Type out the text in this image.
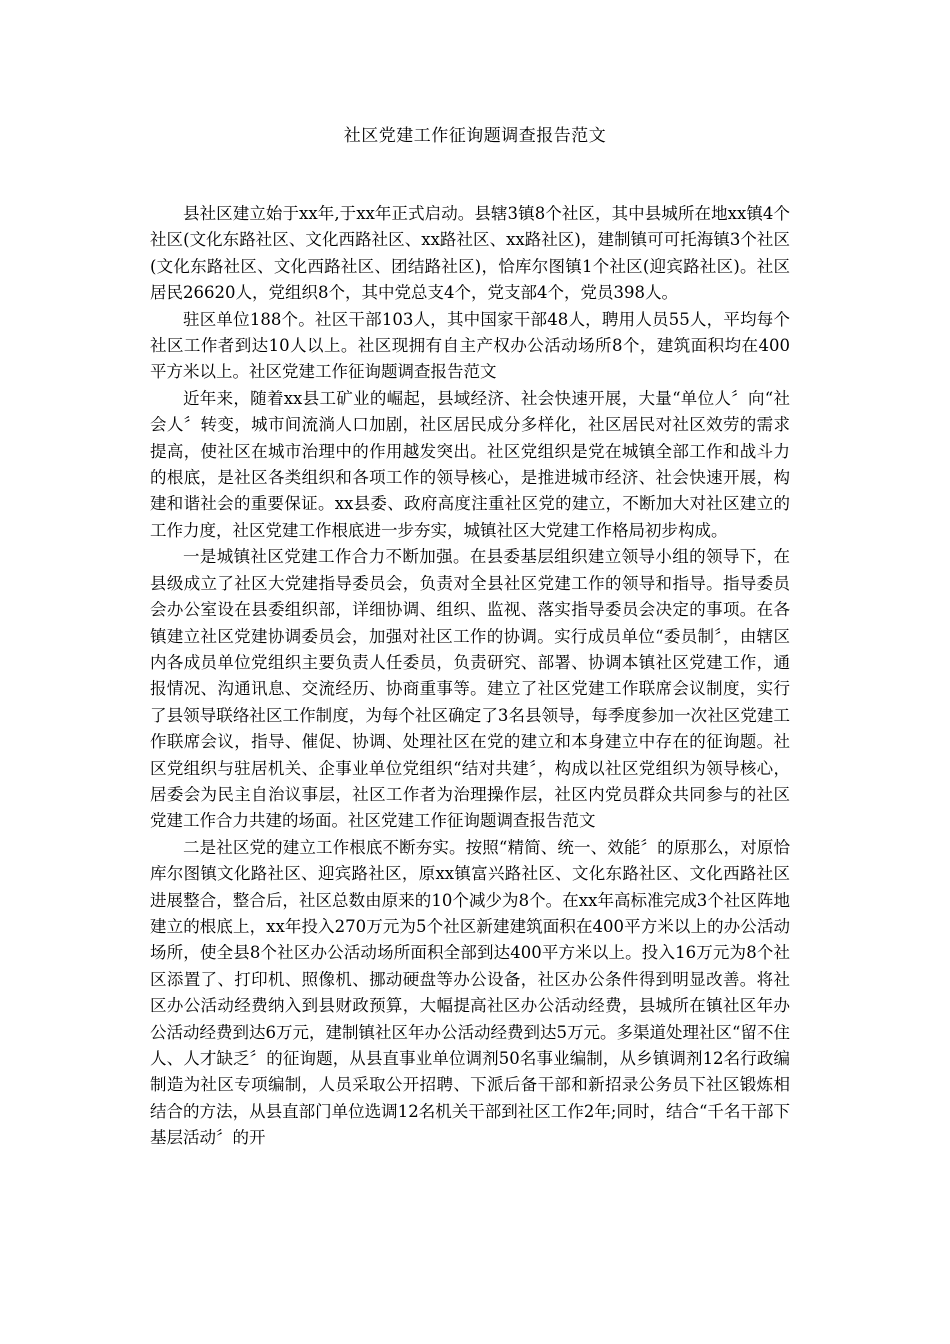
社区党建工作征询题调查报告范文

县社区建立始于xx年,于xx年正式启动。县辖3镇8个社区，其中县城所在地xx镇4个社区(文化东路社区、文化西路社区、xx路社区、xx路社区)，建制镇可可托海镇3个社区(文化东路社区、文化西路社区、团结路社区)，恰库尔图镇1个社区(迎宾路社区)。社区居民26620人，党组织8个，其中党总支4个，党支部4个，党员398人。

驻区单位188个。社区干部103人，其中国家干部48人，聘用人员55人，平均每个社区工作者到达10人以上。社区现拥有自主产权办公活动场所8个，建筑面积均在400平方米以上。社区党建工作征询题调查报告范文

近年来，随着xx县工矿业的崛起，县域经济、社会快速开展，大量“单位人〞向“社会人〞转变，城市间流淌人口加剧，社区居民成分多样化，社区居民对社区效劳的需求提高，使社区在城市治理中的作用越发突出。社区党组织是党在城镇全部工作和战斗力的根底，是社区各类组织和各项工作的领导核心，是推进城市经济、社会快速开展，构建和谐社会的重要保证。xx县委、政府高度注重社区党的建立，不断加大对社区建立的工作力度，社区党建工作根底进一步夯实，城镇社区大党建工作格局初步构成。

一是城镇社区党建工作合力不断加强。在县委基层组织建立领导小组的领导下，在县级成立了社区大党建指导委员会，负责对全县社区党建工作的领导和指导。指导委员会办公室设在县委组织部，详细协调、组织、监视、落实指导委员会决定的事项。在各镇建立社区党建协调委员会，加强对社区工作的协调。实行成员单位“委员制〞，由辖区内各成员单位党组织主要负责人任委员，负责研究、部署、协调本镇社区党建工作，通报情况、沟通讯息、交流经历、协商重事等。建立了社区党建工作联席会议制度，实行了县领导联络社区工作制度，为每个社区确定了3名县领导，每季度参加一次社区党建工作联席会议，指导、催促、协调、处理社区在党的建立和本身建立中存在的征询题。社区党组织与驻居机关、企事业单位党组织“结对共建〞，构成以社区党组织为领导核心，居委会为民主自治议事层，社区工作者为治理操作层，社区内党员群众共同参与的社区党建工作合力共建的场面。社区党建工作征询题调查报告范文

二是社区党的建立工作根底不断夯实。按照“精简、统一、效能〞的原那么，对原恰库尔图镇文化路社区、迎宾路社区，原xx镇富兴路社区、文化东路社区、文化西路社区进展整合，整合后，社区总数由原来的10个减少为8个。在xx年高标准完成3个社区阵地建立的根底上，xx年投入270万元为5个社区新建建筑面积在400平方米以上的办公活动场所，使全县8个社区办公活动场所面积全部到达400平方米以上。投入16万元为8个社区添置了、打印机、照像机、挪动硬盘等办公设备，社区办公条件得到明显改善。将社区办公活动经费纳入到县财政预算，大幅提高社区办公活动经费，县城所在镇社区年办公活动经费到达6万元，建制镇社区年办公活动经费到达5万元。多渠道处理社区“留不住人、人才缺乏〞的征询题，从县直事业单位调剂50名事业编制，从乡镇调剂12名行政编制造为社区专项编制，人员采取公开招聘、下派后备干部和新招录公务员下社区锻炼相结合的方法，从县直部门单位选调12名机关干部到社区工作2年;同时，结合“千名干部下基层活动〞的开
